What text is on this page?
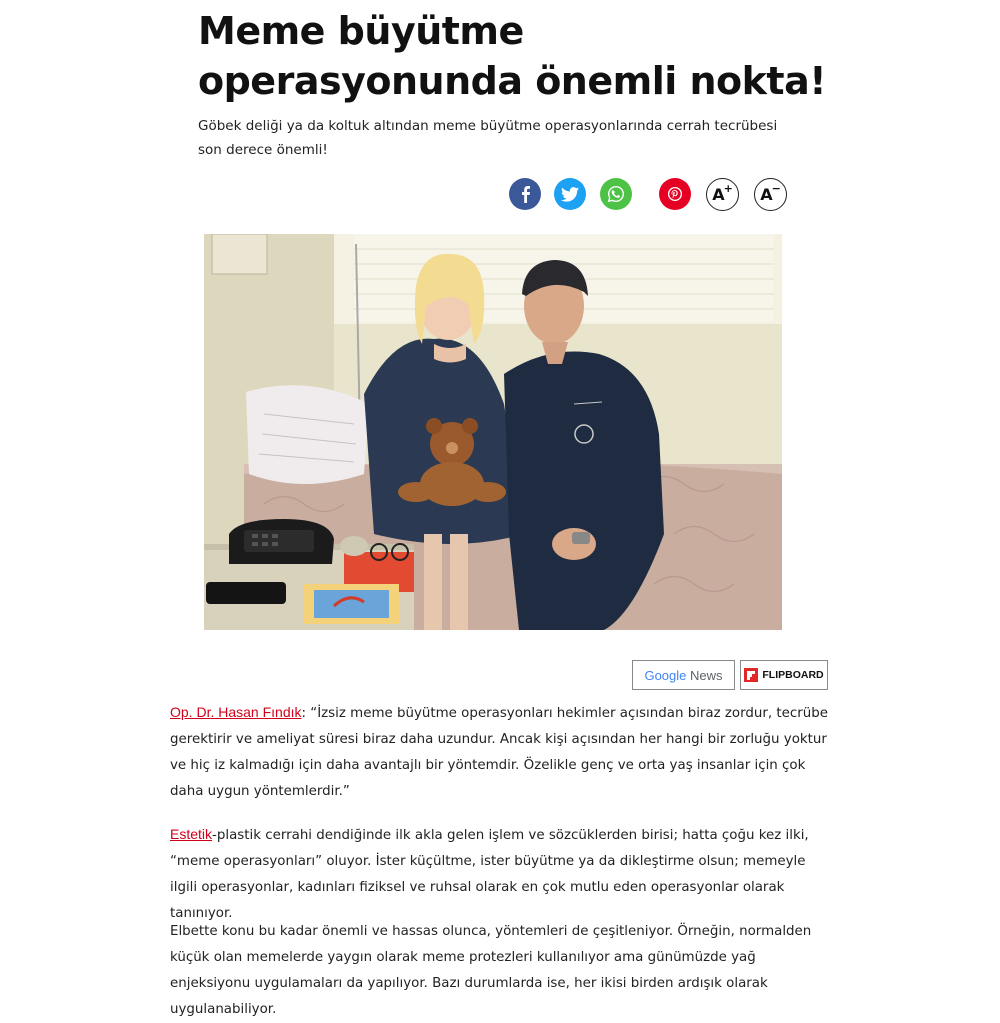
Meme büyütme
operasyonunda önemli nokta!

Göbek deliği ya da koltuk altından meme büyütme operasyonlarında cerrah tecrübesi son derece önemli!

A+ A−
Google News	FLIPBOARD

Op. Dr. Hasan Fındık: “İzsiz meme büyütme operasyonları hekimler açısından biraz zordur, tecrübe gerektirir ve ameliyat süresi biraz daha uzundur. Ancak kişi açısından her hangi bir zorluğu yoktur ve hiç iz kalmadığı için daha avantajlı bir yöntemdir. Özelikle genç ve orta yaş insanlar için çok daha uygun yöntemlerdir.”

Estetik-plastik cerrahi dendiğinde ilk akla gelen işlem ve sözcüklerden birisi; hatta çoğu kez ilki, “meme operasyonları” oluyor. İster küçültme, ister büyütme ya da dikleştirme olsun; memeyle ilgili operasyonlar, kadınları fiziksel ve ruhsal olarak en çok mutlu eden operasyonlar olarak tanınıyor.

Elbette konu bu kadar önemli ve hassas olunca, yöntemleri de çeşitleniyor. Örneğin, normalden küçük olan memelerde yaygın olarak meme protezleri kullanılıyor ama günümüzde yağ enjeksiyonu uygulamaları da yapılıyor. Bazı durumlarda ise, her ikisi birden ardışık olarak uygulanabiliyor.
